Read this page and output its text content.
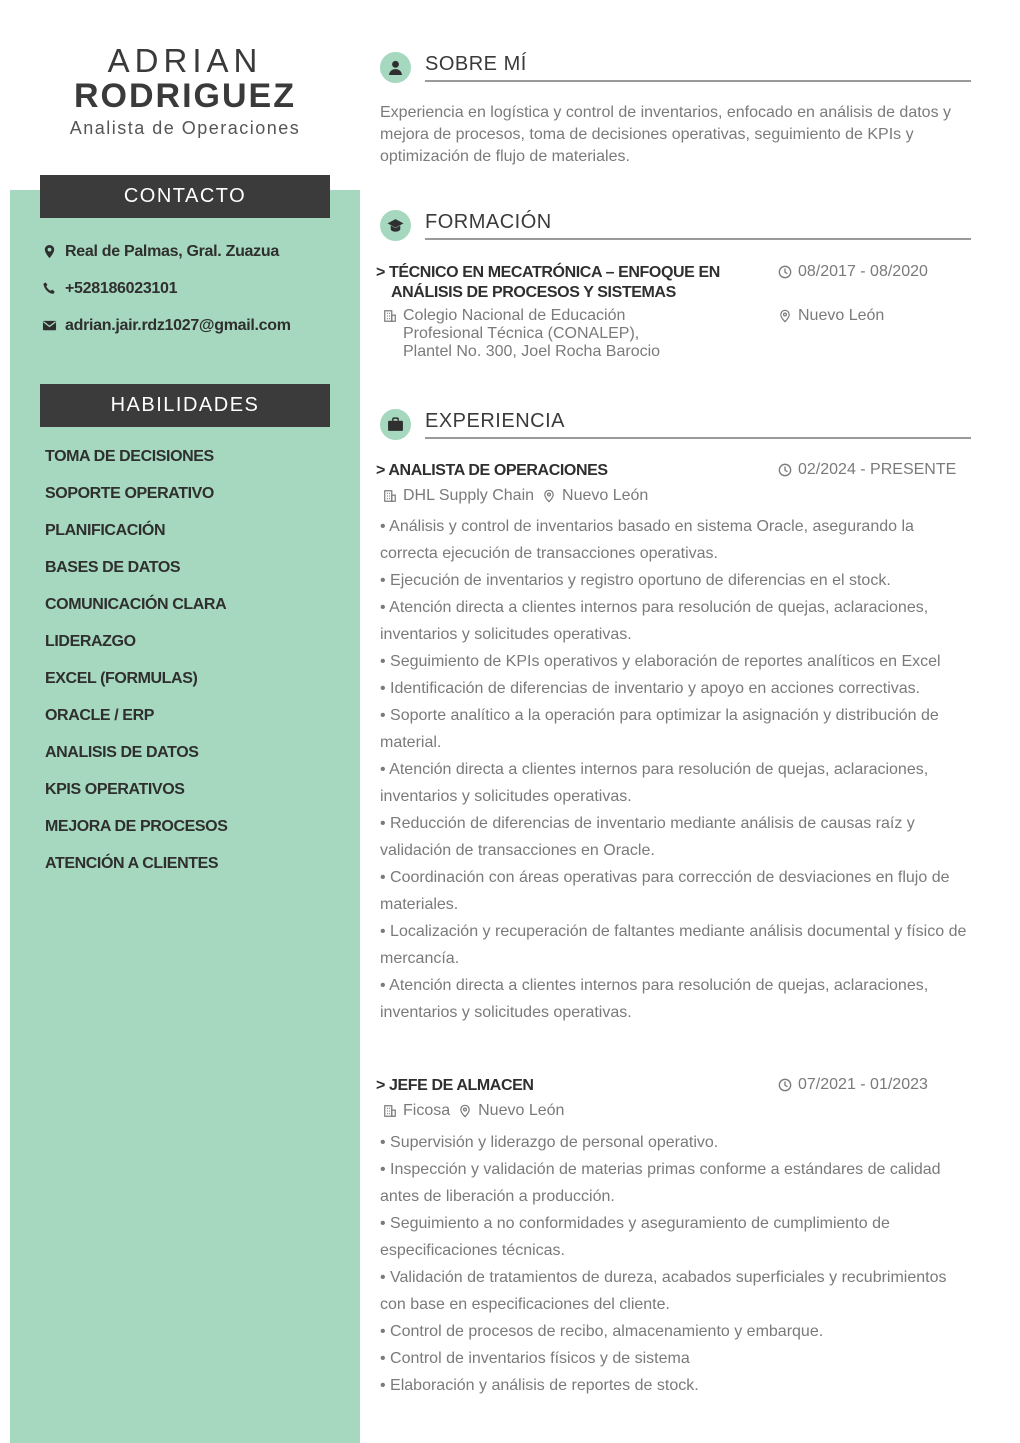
ADRIAN
RODRIGUEZ
Analista de Operaciones
CONTACTO
Real de Palmas, Gral. Zuazua
+528186023101
adrian.jair.rdz1027@gmail.com
HABILIDADES
TOMA DE DECISIONES
SOPORTE OPERATIVO
PLANIFICACIÓN
BASES DE DATOS
COMUNICACIÓN CLARA
LIDERAZGO
EXCEL (FORMULAS)
ORACLE / ERP
ANALISIS DE DATOS
KPIS OPERATIVOS
MEJORA DE PROCESOS
ATENCIÓN A CLIENTES
SOBRE MÍ

Experiencia en logística y control de inventarios, enfocado en análisis de datos y mejora de procesos, toma de decisiones operativas, seguimiento de KPIs y optimización de flujo de materiales.

FORMACIÓN
> TÉCNICO EN MECATRÓNICA – ENFOQUE EN
ANÁLISIS DE PROCESOS Y SISTEMAS
08/2017 - 08/2020
Colegio Nacional de Educación
Profesional Técnica (CONALEP),
Plantel No. 300, Joel Rocha Barocio
Nuevo León
EXPERIENCIA
> ANALISTA DE OPERACIONES	02/2024 - PRESENTE
DHL Supply Chain Nuevo León
• Análisis y control de inventarios basado en sistema Oracle, asegurando la correcta ejecución de transacciones operativas.
• Ejecución de inventarios y registro oportuno de diferencias en el stock.
• Atención directa a clientes internos para resolución de quejas, aclaraciones, inventarios y solicitudes operativas.
• Seguimiento de KPIs operativos y elaboración de reportes analíticos en Excel
• Identificación de diferencias de inventario y apoyo en acciones correctivas.
• Soporte analítico a la operación para optimizar la asignación y distribución de material.
• Atención directa a clientes internos para resolución de quejas, aclaraciones, inventarios y solicitudes operativas.
• Reducción de diferencias de inventario mediante análisis de causas raíz y validación de transacciones en Oracle.
• Coordinación con áreas operativas para corrección de desviaciones en flujo de materiales.
• Localización y recuperación de faltantes mediante análisis documental y físico de mercancía.
• Atención directa a clientes internos para resolución de quejas, aclaraciones, inventarios y solicitudes operativas.
> JEFE DE ALMACEN	07/2021 - 01/2023
Ficosa Nuevo León
• Supervisión y liderazgo de personal operativo.
• Inspección y validación de materias primas conforme a estándares de calidad antes de liberación a producción.
• Seguimiento a no conformidades y aseguramiento de cumplimiento de especificaciones técnicas.
• Validación de tratamientos de dureza, acabados superficiales y recubrimientos con base en especificaciones del cliente.
• Control de procesos de recibo, almacenamiento y embarque.
• Control de inventarios físicos y de sistema
• Elaboración y análisis de reportes de stock.
